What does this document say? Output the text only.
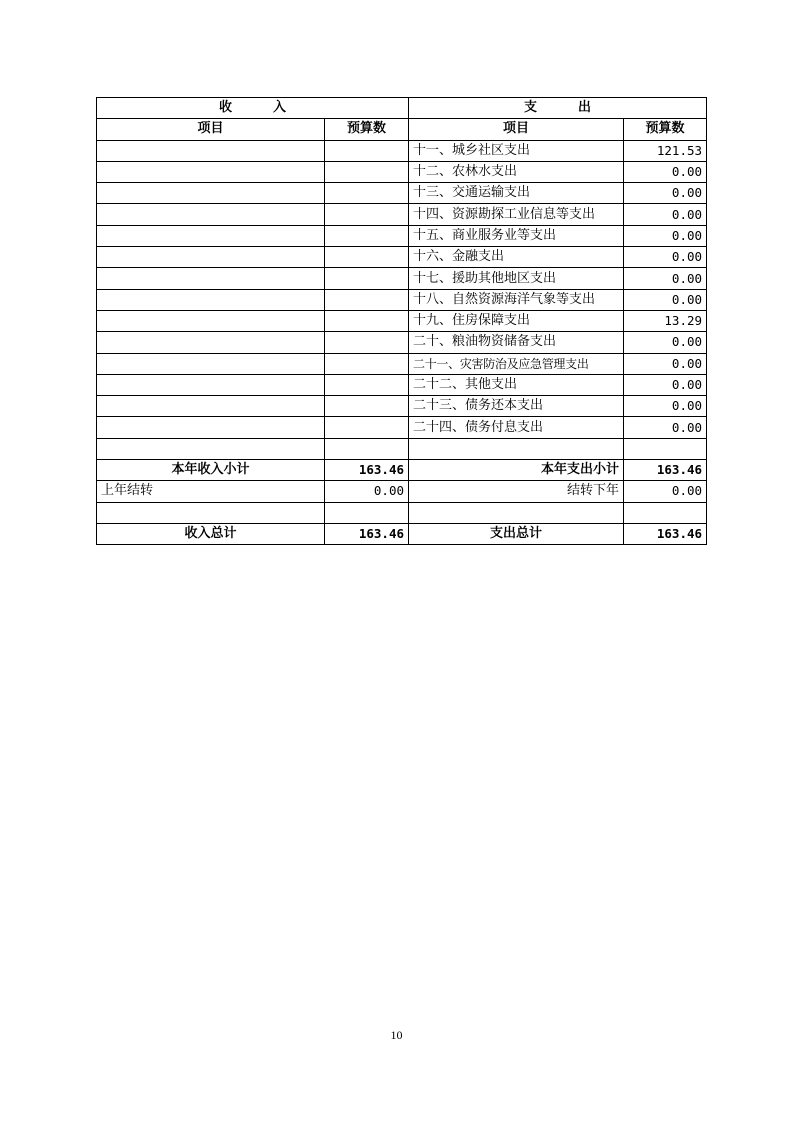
收　入		支　出	
项目	预算数	项目	预算数
		十一、城乡社区支出	121.53
		十二、农林水支出	0.00
		十三、交通运输支出	0.00
		十四、资源勘探工业信息等支出	0.00
		十五、商业服务业等支出	0.00
		十六、金融支出	0.00
		十七、援助其他地区支出	0.00
		十八、自然资源海洋气象等支出	0.00
		十九、住房保障支出	13.29
		二十、粮油物资储备支出	0.00
		二十一、灾害防治及应急管理支出	0.00
		二十二、其他支出	0.00
		二十三、债务还本支出	0.00
		二十四、债务付息支出	0.00

本年收入小计	163.46	本年支出小计	163.46
上年结转	0.00	结转下年	0.00

收入总计	163.46	支出总计	163.46
10
